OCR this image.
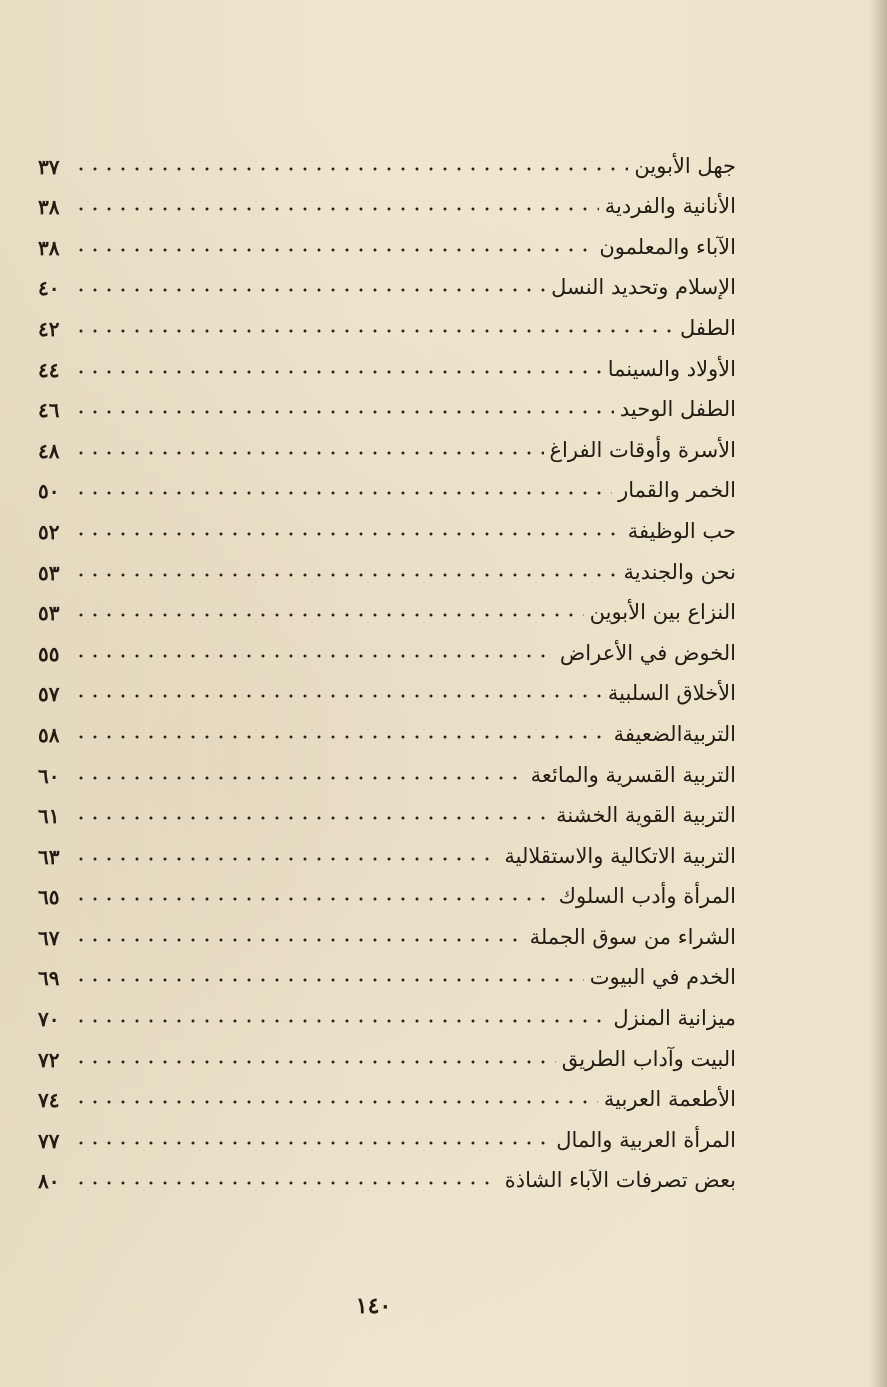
جهل الأبوين
٣٧
الأنانية والفردية
٣٨
الآباء والمعلمون
٣٨
الإسلام وتحديد النسل
٤٠
الطفل
٤٢
الأولاد والسينما
٤٤
الطفل الوحيد
٤٦
الأسرة وأوقات الفراغ
٤٨
الخمر والقمار
٥٠
حب الوظيفة
٥٢
نحن والجندية
٥٣
النزاع بين الأبوين
٥٣
الخوض في الأعراض
٥٥
الأخلاق السلبية
٥٧
التربيةالضعيفة
٥٨
التربية القسرية والمائعة
٦٠
التربية القوية الخشنة
٦١
التربية الاتكالية والاستقلالية
٦٣
المرأة وأدب السلوك
٦٥
الشراء من سوق الجملة
٦٧
الخدم في البيوت
٦٩
ميزانية المنزل
٧٠
البيت وآداب الطريق
٧٢
الأطعمة العربية
٧٤
المرأة العربية والمال
٧٧
بعض تصرفات الآباء الشاذة
٨٠
١٤٠
